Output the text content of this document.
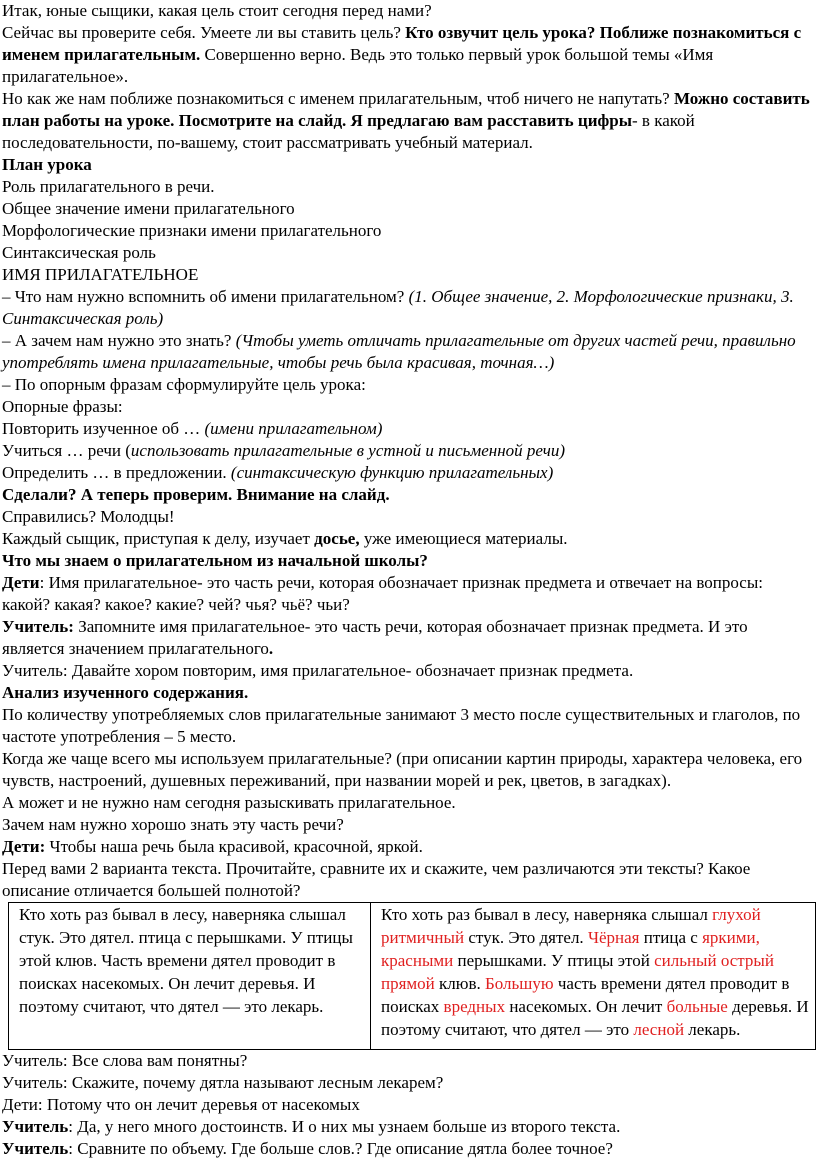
Итак, юные сыщики, какая цель стоит сегодня перед нами?

Сейчас вы проверите себя. Умеете ли вы ставить цель? Кто озвучит цель урока? Поближе познакомиться с именем прилагательным. Совершенно верно. Ведь это только первый урок большой темы «Имя прилагательное».

Но как же нам поближе познакомиться с именем прилагательным, чтоб ничего не напутать? Можно составить план работы на уроке. Посмотрите на слайд. Я предлагаю вам расставить цифры- в какой последовательности, по-вашему, стоит рассматривать учебный материал.

План урока

Роль прилагательного в речи.

Общее значение имени прилагательного

Морфологические признаки имени прилагательного

Синтаксическая роль

ИМЯ ПРИЛАГАТЕЛЬНОЕ

– Что нам нужно вспомнить об имени прилагательном? (1. Общее значение, 2. Морфологические признаки, 3. Синтаксическая роль)

– А зачем нам нужно это знать? (Чтобы уметь отличать прилагательные от других частей речи, правильно употреблять имена прилагательные, чтобы речь была красивая, точная…)

– По опорным фразам сформулируйте цель урока:

Опорные фразы:

Повторить изученное об … (имени прилагательном)

Учиться … речи (использовать прилагательные в устной и письменной речи)

Определить … в предложении. (синтаксическую функцию прилагательных)

Сделали? А теперь проверим. Внимание на слайд.

Справились? Молодцы!

Каждый сыщик, приступая к делу, изучает досье, уже имеющиеся материалы.

Что мы знаем о прилагательном из начальной школы?

Дети: Имя прилагательное- это часть речи, которая обозначает признак предмета и отвечает на вопросы: какой? какая? какое? какие? чей? чья? чьё? чьи?

Учитель: Запомните имя прилагательное- это часть речи, которая обозначает признак предмета. И это является значением прилагательного.

Учитель: Давайте хором повторим, имя прилагательное- обозначает признак предмета.

Анализ изученного содержания.

По количеству употребляемых слов прилагательные занимают 3 место после существительных и глаголов, по частоте употребления – 5 место.

Когда же чаще всего мы используем прилагательные? (при описании картин природы, характера человека, его чувств, настроений, душевных переживаний, при названии морей и рек, цветов, в загадках).

А может и не нужно нам сегодня разыскивать прилагательное.

Зачем нам нужно хорошо знать эту часть речи?

Дети: Чтобы наша речь была красивой, красочной, яркой.

Перед вами 2 варианта текста. Прочитайте, сравните их и скажите, чем различаются эти тексты? Какое описание отличается большей полнотой?

Кто хоть раз бывал в лесу, наверняка слышал стук. Это дятел. птица с перышками. У птицы этой клюв. Часть времени дятел проводит в поисках насекомых. Он лечит деревья. И поэтому считают, что дятел — это лекарь.	Кто хоть раз бывал в лесу, наверняка слышал глухой ритмичный стук. Это дятел. Чёрная птица с яркими, красными перышками. У птицы этой сильный острый прямой клюв. Большую часть времени дятел проводит в поисках вредных насекомых. Он лечит больные деревья. И поэтому считают, что дятел — это лесной лекарь.

Учитель: Все слова вам понятны?

Учитель: Скажите, почему дятла называют лесным лекарем?

Дети: Потому что он лечит деревья от насекомых

Учитель: Да, у него много достоинств. И о них мы узнаем больше из второго текста.

Учитель: Сравните по объему. Где больше слов.? Где описание дятла более точное?
